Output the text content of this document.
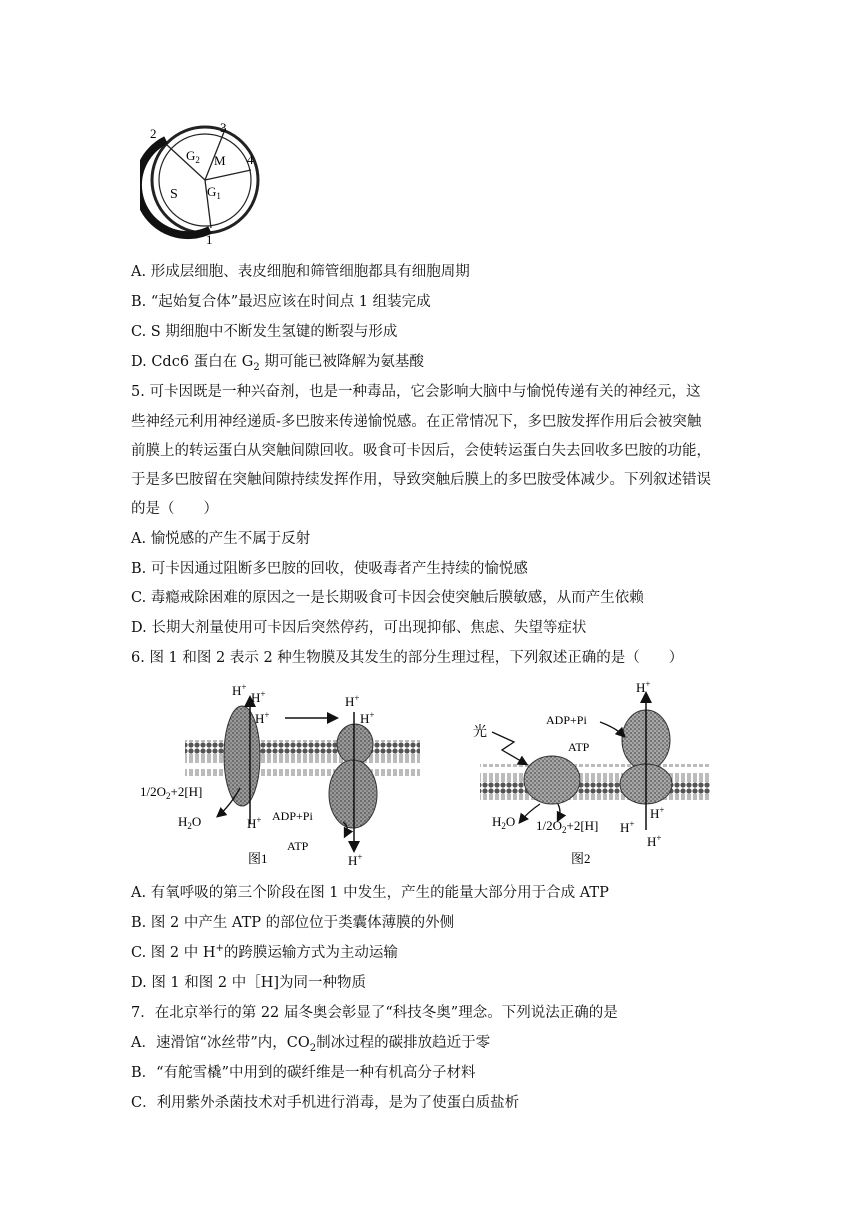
2	3
4
1
S
$G_2$ M
$G_1$
A. 形成层细胞、表皮细胞和筛管细胞都具有细胞周期
B. “起始复合体”最迟应该在时间点 1 组装完成
C. S 期细胞中不断发生氢键的断裂与形成
D. Cdc6 蛋白在 $G_2$ 期可能已被降解为氨基酸
5. 可卡因既是一种兴奋剂，也是一种毒品，它会影响大脑中与愉悦传递有关的神经元，这
些神经元利用神经递质-多巴胺来传递愉悦感。在正常情况下，多巴胺发挥作用后会被突触
前膜上的转运蛋白从突触间隙回收。吸食可卡因后，会使转运蛋白失去回收多巴胺的功能，
于是多巴胺留在突触间隙持续发挥作用，导致突触后膜上的多巴胺受体减少。下列叙述错误
的是（　　）
A. 愉悦感的产生不属于反射
B. 可卡因通过阻断多巴胺的回收，使吸毒者产生持续的愉悦感
C. 毒瘾戒除困难的原因之一是长期吸食可卡因会使突触后膜敏感，从而产生依赖
D. 长期大剂量使用可卡因后突然停药，可出现抑郁、焦虑、失望等症状
6. 图 1 和图 2 表示 2 种生物膜及其发生的部分生理过程，下列叙述正确的是（　　）
H+
H+
H+
H+
H+
$1/2O_2+2[H]$
$H_2O$	H+ ADP+Pi
ATP
H+
图1
H+
ADP+Pi
ATP
光
$H_2O$ $1/2O_2+2[H]$ H+
H+
H+
图2
A. 有氧呼吸的第三个阶段在图 1 中发生，产生的能量大部分用于合成 ATP
B. 图 2 中产生 ATP 的部位位于类囊体薄膜的外侧
C. 图 2 中 H+的跨膜运输方式为主动运输
D. 图 1 和图 2 中［H]为同一种物质
7．在北京举行的第 22 届冬奥会彰显了“科技冬奥”理念。下列说法正确的是
A．速滑馆“冰丝带”内，$CO_2$制冰过程的碳排放趋近于零
B．“有舵雪橇”中用到的碳纤维是一种有机高分子材料
C．利用紫外杀菌技术对手机进行消毒，是为了使蛋白质盐析
